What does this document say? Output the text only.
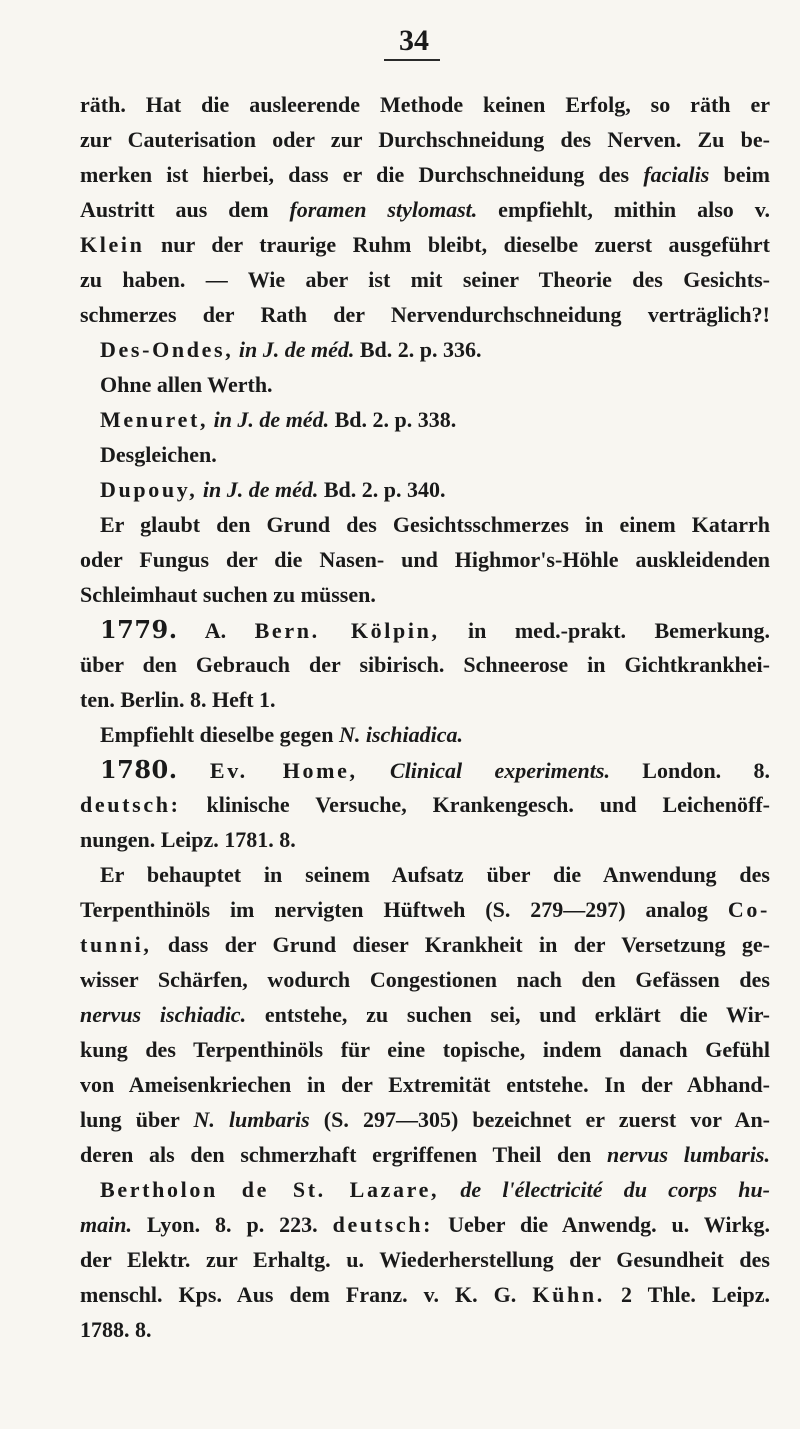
34
räth. Hat die ausleerende Methode keinen Erfolg, so räth er
zur Cauterisation oder zur Durchschneidung des Nerven. Zu be-
merken ist hierbei, dass er die Durchschneidung des facialis beim
Austritt aus dem foramen stylomast. empfiehlt, mithin also v.
Klein nur der traurige Ruhm bleibt, dieselbe zuerst ausgeführt
zu haben. — Wie aber ist mit seiner Theorie des Gesichts-
schmerzes der Rath der Nervendurchschneidung verträglich?!
Des-Ondes, in J. de méd. Bd. 2. p. 336.
Ohne allen Werth.
Menuret, in J. de méd. Bd. 2. p. 338.
Desgleichen.
Dupouy, in J. de méd. Bd. 2. p. 340.
Er glaubt den Grund des Gesichtsschmerzes in einem Katarrh
oder Fungus der die Nasen- und Highmor's-Höhle auskleidenden
Schleimhaut suchen zu müssen.
1779. A. Bern. Kölpin, in med.-prakt. Bemerkung.
über den Gebrauch der sibirisch. Schneerose in Gichtkrankhei-
ten. Berlin. 8. Heft 1.
Empfiehlt dieselbe gegen N. ischiadica.
1780. Ev. Home, Clinical experiments. London. 8.
deutsch: klinische Versuche, Krankengesch. und Leichenöff-
nungen. Leipz. 1781. 8.
Er behauptet in seinem Aufsatz über die Anwendung des
Terpenthinöls im nervigten Hüftweh (S. 279—297) analog Co-
tunni, dass der Grund dieser Krankheit in der Versetzung ge-
wisser Schärfen, wodurch Congestionen nach den Gefässen des
nervus ischiadic. entstehe, zu suchen sei, und erklärt die Wir-
kung des Terpenthinöls für eine topische, indem danach Gefühl
von Ameisenkriechen in der Extremität entstehe. In der Abhand-
lung über N. lumbaris (S. 297—305) bezeichnet er zuerst vor An-
deren als den schmerzhaft ergriffenen Theil den nervus lumbaris.
Bertholon de St. Lazare, de l'électricité du corps hu-
main. Lyon. 8. p. 223. deutsch: Ueber die Anwendg. u. Wirkg.
der Elektr. zur Erhaltg. u. Wiederherstellung der Gesundheit des
menschl. Kps. Aus dem Franz. v. K. G. Kühn. 2 Thle. Leipz.
1788. 8.
